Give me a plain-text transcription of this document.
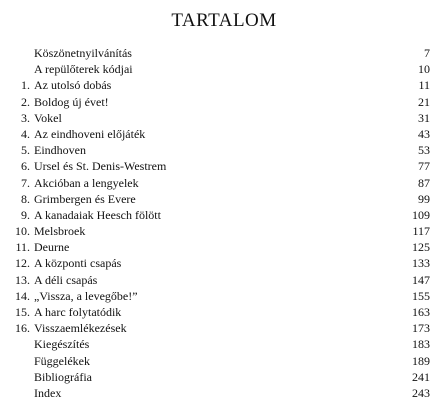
TARTALOM
Köszönetnyilvánítás	7
A repülőterek kódjai	10
1. Az utolsó dobás	11
2. Boldog új évet!	21
3. Vokel	31
4. Az eindhoveni előjáték	43
5. Eindhoven	53
6. Ursel és St. Denis-Westrem	77
7. Akcióban a lengyelek	87
8. Grimbergen és Evere	99
9. A kanadaiak Heesch fölött	109
10. Melsbroek	117
11. Deurne	125
12. A központi csapás	133
13. A déli csapás	147
14. „Vissza, a levegőbe!”	155
15. A harc folytatódik	163
16. Visszaemlékezések	173
Kiegészítés	183
Függelékek	189
Bibliográfia	241
Index	243
